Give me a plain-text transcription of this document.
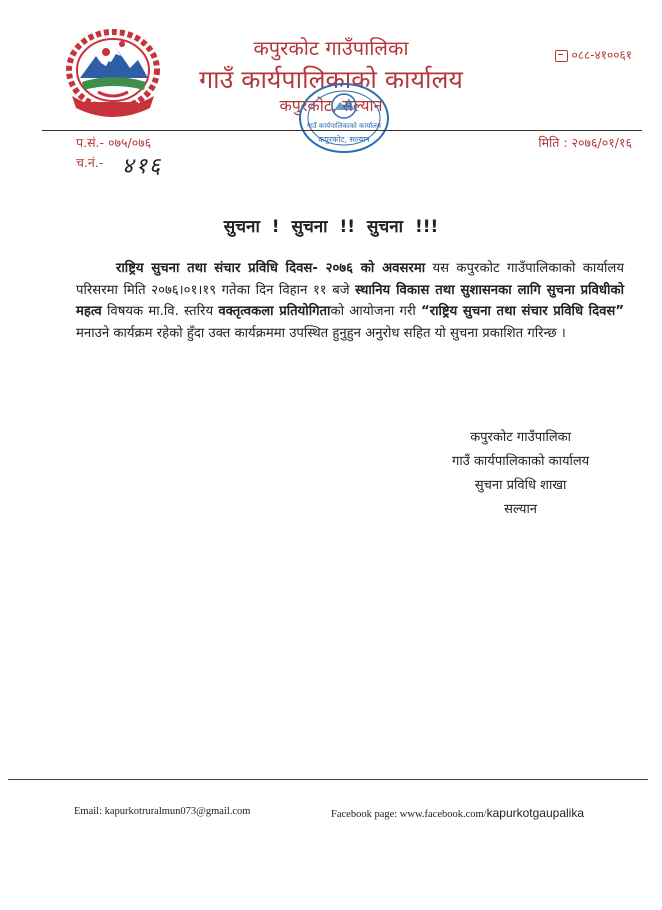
कपुरकोट गाउँपालिका
गाउँ कार्यपालिकाको कार्यालय
कपुरकोट, सल्यान
०८८-४१००६१
गाउँ कार्यपालिकाको कार्यालय
कपुरकोट, सल्यान
प.सं.- ०७५/०७६
च.नं.- ४१६
मिति : २०७६/०१/१६
सुचना ! सुचना !! सुचना !!!
राष्ट्रिय सुचना तथा संचार प्रविधि दिवस- २०७६ को अवसरमा यस कपुरकोट गाउँपालिकाको कार्यालय परिसरमा मिति २०७६।०१।१९ गतेका दिन विहान ११ बजे स्थानिय विकास तथा सुशासनका लागि सुचना प्रविधीको महत्व विषयक मा.वि. स्तरिय वक्तृत्वकला प्रतियोगिताको आयोजना गरी “राष्ट्रिय सुचना तथा संचार प्रविधि दिवस” मनाउने कार्यक्रम रहेको हुँदा उक्त कार्यक्रममा उपस्थित हुनुहुन अनुरोध सहित यो सुचना प्रकाशित गरिन्छ ।
कपुरकोट गाउँपालिका
गाउँ कार्यपालिकाको कार्यालय
सुचना प्रविधि शाखा
सल्यान
Email: kapurkotruralmun073@gmail.com	Facebook page: www.facebook.com/kapurkotgaupalika
